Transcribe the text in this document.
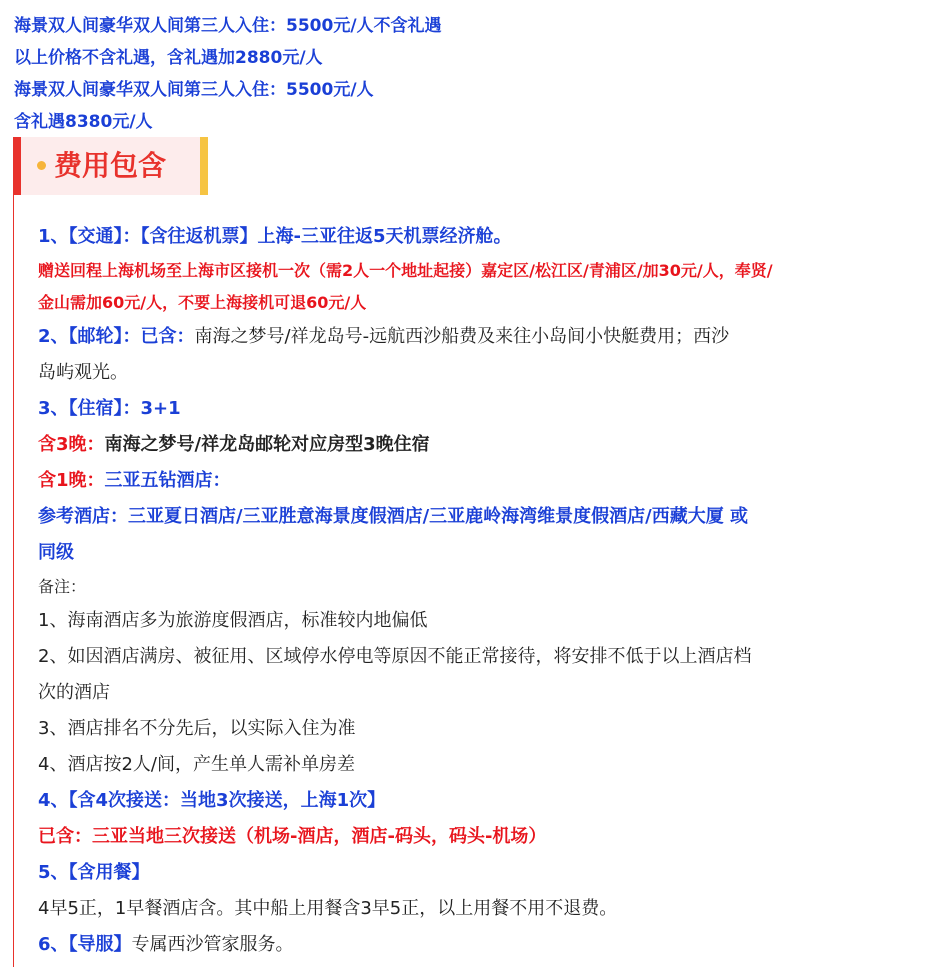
海景双人间豪华双人间第三人入住：5500元/人不含礼遇
以上价格不含礼遇，含礼遇加2880元/人
海景双人间豪华双人间第三人入住：5500元/人
含礼遇8380元/人
费用包含
1、【交通】：【含往返机票】上海-三亚往返5天机票经济舱。
赠送回程上海机场至上海市区接机一次（需2人一个地址起接）嘉定区/松江区/青浦区/加30元/人，奉贤/
金山需加60元/人，不要上海接机可退60元/人
2、【邮轮】：已含：南海之梦号/祥龙岛号-远航西沙船费及来往小岛间小快艇费用；西沙
岛屿观光。
3、【住宿】：3+1
含3晚：南海之梦号/祥龙岛邮轮对应房型3晚住宿
含1晚：三亚五钻酒店：
参考酒店：三亚夏日酒店/三亚胜意海景度假酒店/三亚鹿岭海湾维景度假酒店/西藏大厦 或
同级
备注：
1、海南酒店多为旅游度假酒店，标准较内地偏低
2、如因酒店满房、被征用、区域停水停电等原因不能正常接待，将安排不低于以上酒店档
次的酒店
3、酒店排名不分先后，以实际入住为准
4、酒店按2人/间，产生单人需补单房差
4、【含4次接送：当地3次接送，上海1次】
已含：三亚当地三次接送（机场-酒店，酒店-码头，码头-机场）
5、【含用餐】
4早5正，1早餐酒店含。其中船上用餐含3早5正，以上用餐不用不退费。
6、【导服】专属西沙管家服务。
